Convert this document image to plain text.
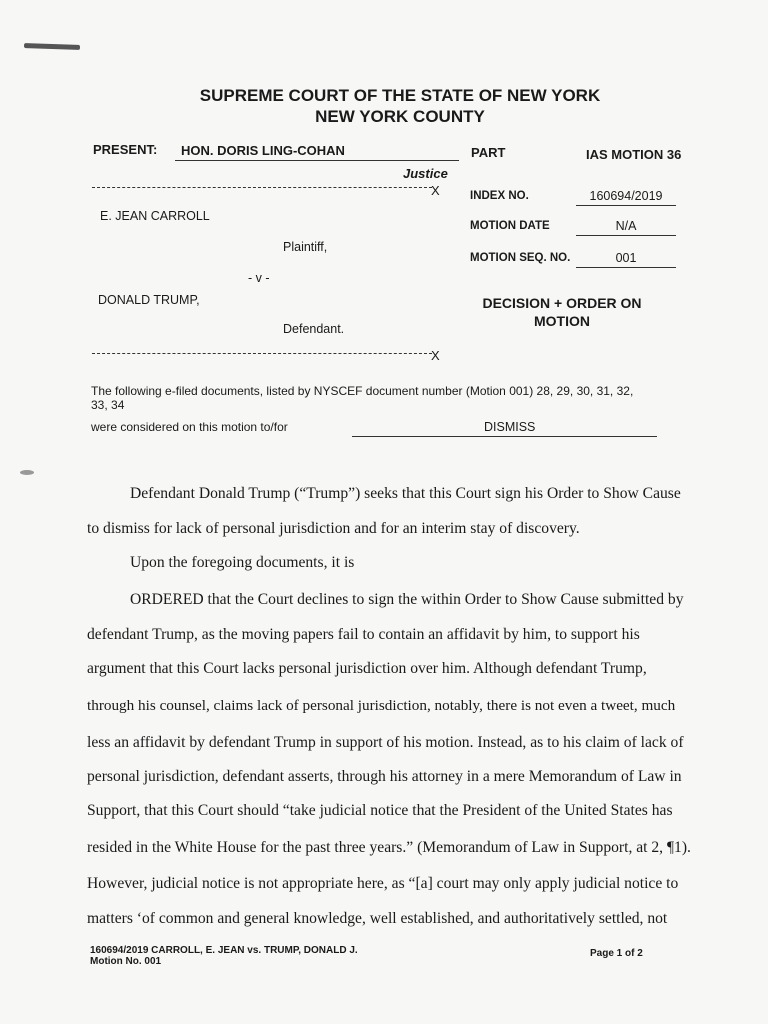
SUPREME COURT OF THE STATE OF NEW YORK
NEW YORK COUNTY
PRESENT:	HON. DORIS LING-COHAN
Justice
X
E. JEAN CARROLL
Plaintiff,
- v -
DONALD TRUMP,
Defendant.
X
PART	IAS MOTION 36
INDEX NO.	160694/2019
MOTION DATE	N/A
MOTION SEQ. NO.	001
DECISION + ORDER ON
MOTION
The following e-filed documents, listed by NYSCEF document number (Motion 001) 28, 29, 30, 31, 32,
33, 34
were considered on this motion to/for	DISMISS
Defendant Donald Trump (“Trump”) seeks that this Court sign his Order to Show Cause
to dismiss for lack of personal jurisdiction and for an interim stay of discovery.
Upon the foregoing documents, it is
ORDERED that the Court declines to sign the within Order to Show Cause submitted by
defendant Trump, as the moving papers fail to contain an affidavit by him, to support his
argument that this Court lacks personal jurisdiction over him. Although defendant Trump,
through his counsel, claims lack of personal jurisdiction, notably, there is not even a tweet, much
less an affidavit by defendant Trump in support of his motion. Instead, as to his claim of lack of
personal jurisdiction, defendant asserts, through his attorney in a mere Memorandum of Law in
Support, that this Court should “take judicial notice that the President of the United States has
resided in the White House for the past three years.” (Memorandum of Law in Support, at 2, ¶1).
However, judicial notice is not appropriate here, as “[a] court may only apply judicial notice to
matters ‘of common and general knowledge, well established, and authoritatively settled, not
160694/2019 CARROLL, E. JEAN vs. TRUMP, DONALD J.
Motion No. 001
Page 1 of 2
